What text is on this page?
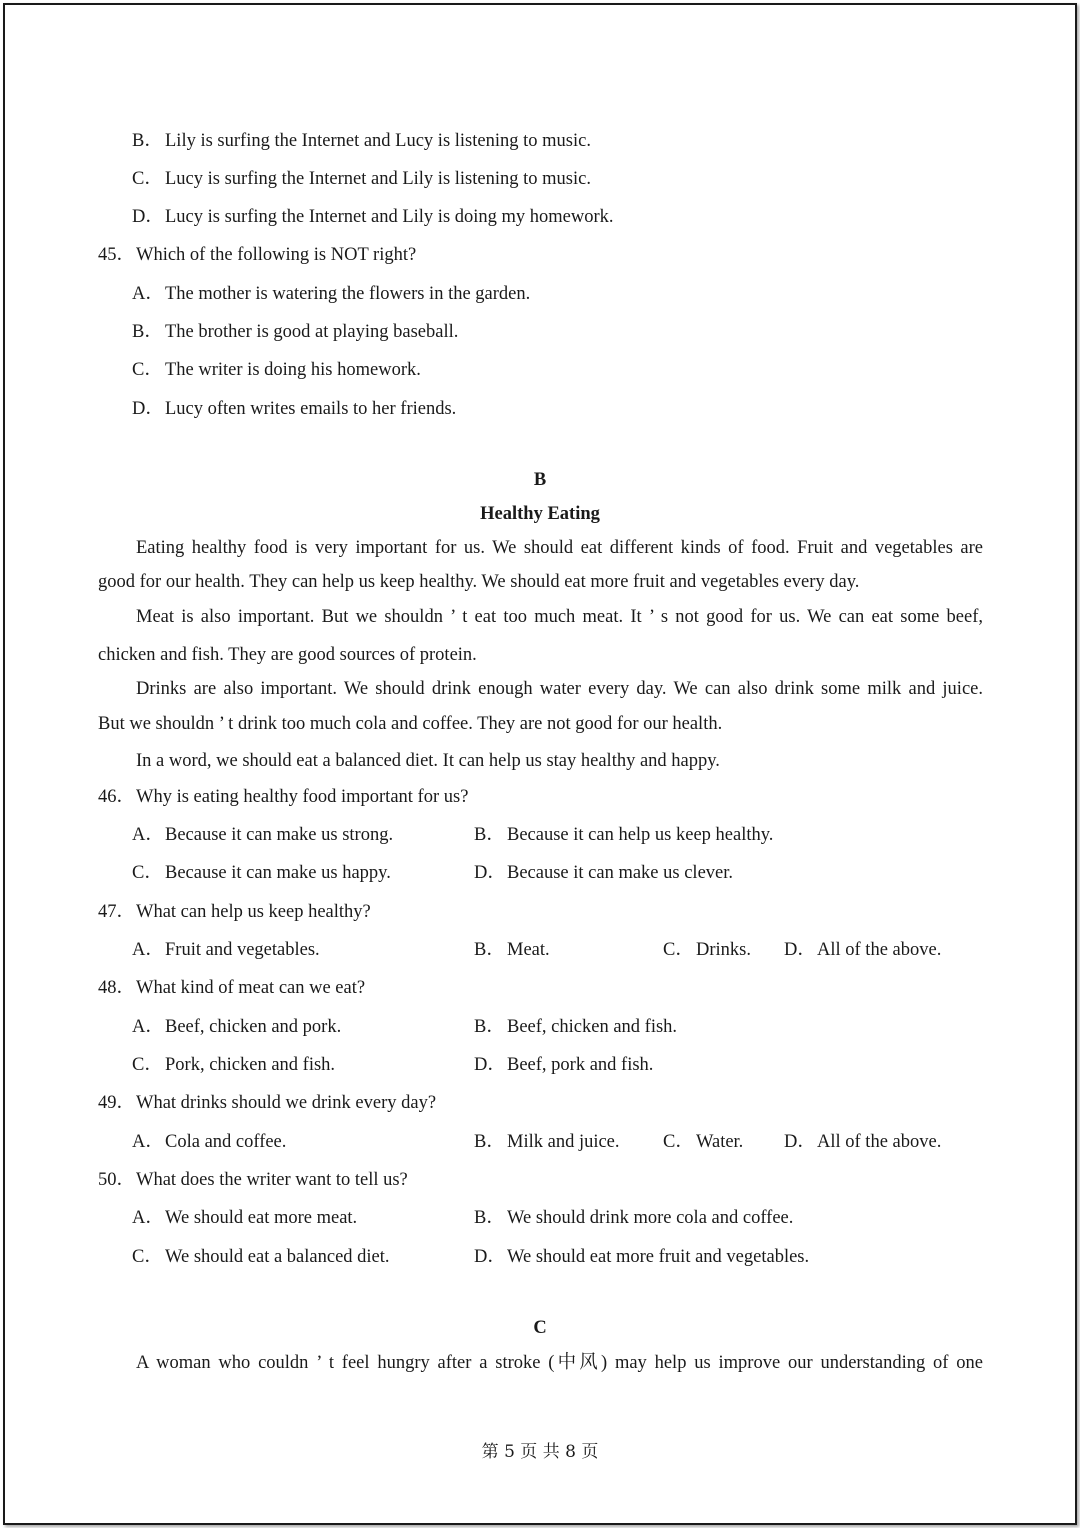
B． Lily is surfing the Internet and Lucy is listening to music.
C． Lucy is surfing the Internet and Lily is listening to music.
D．Lucy is surfing the Internet and Lily is doing my homework.
45．Which of the following is NOT right?
A．The mother is watering the flowers in the garden.
B． The brother is good at playing baseball.
C． The writer is doing his homework.
D．Lucy often writes emails to her friends.
B
Healthy Eating
Eating healthy food is very important for us. We should eat different kinds of food. Fruit and vegetables are
good for our health. They can help us keep healthy. We should eat more fruit and vegetables every day.
Meat is also important. But we shouldn ’ t eat too much meat. It ’ s not good for us. We can eat some beef,
chicken and fish. They are good sources of protein.
Drinks are also important. We should drink enough water every day. We can also drink some milk and juice.
But we shouldn ’ t drink too much cola and coffee. They are not good for our health.
In a word, we should eat a balanced diet. It can help us stay healthy and happy.
46．Why is eating healthy food important for us?
A．Because it can make us strong.	B． Because it can help us keep healthy.
C． Because it can make us happy.	D．Because it can make us clever.
47．What can help us keep healthy?
A．Fruit and vegetables.	B． Meat.	C． Drinks. D．All of the above.
48．What kind of meat can we eat?
A．Beef, chicken and pork.	B． Beef, chicken and fish.
C． Pork, chicken and fish.	D．Beef, pork and fish.
49．What drinks should we drink every day?
A．Cola and coffee.	B． Milk and juice. C． Water. D．All of the above.
50．What does the writer want to tell us?
A．We should eat more meat.	B． We should drink more cola and coffee.
C． We should eat a balanced diet.	D．We should eat more fruit and vegetables.
C
A woman who couldn ’ t feel hungry after a stroke (中风) may help us improve our understanding of one
第 5 页 共 8 页
